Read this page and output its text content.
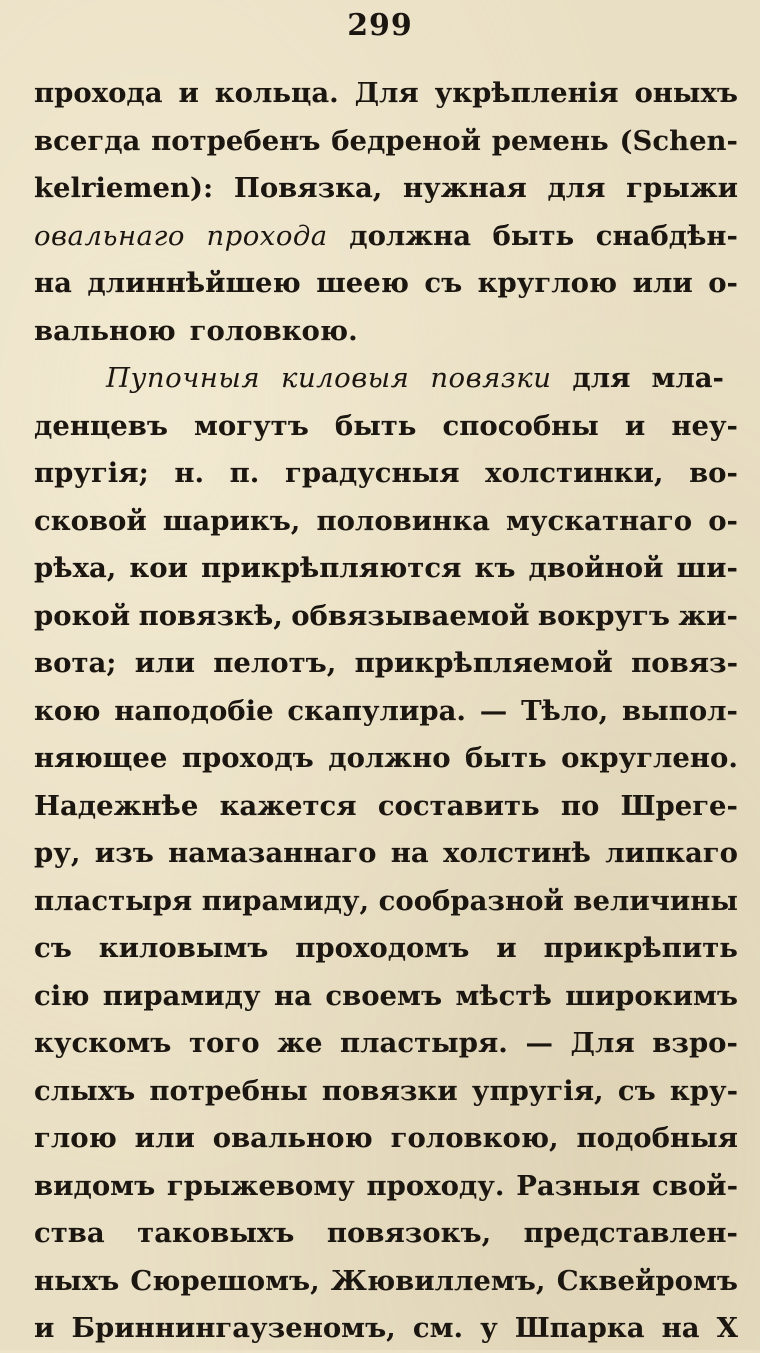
299
прохода и кольца. Для укрѣпленія оныхъ
всегда потребенъ бедреной ремень (Schen-
kelriemen): Повязка, нужная для грыжи
овальнаго прохода должна быть снабдѣн-
на длиннѣйшею шеею съ круглою или о-
вальною головкою.
Пупочныя киловыя повязки для мла-
денцевъ могутъ быть способны и неу-
пругія; н. п. градусныя холстинки, во-
сковой шарикъ, половинка мускатнаго о-
рѣха, кои прикрѣпляются къ двойной ши-
рокой повязкѣ, обвязываемой вокругъ жи-
вота; или пелотъ, прикрѣпляемой повяз-
кою наподобіе скапулира. — Тѣло, выпол-
няющее проходъ должно быть округлено.
Надежнѣе кажется составить по Шреге-
ру, изъ намазаннаго на холстинѣ липкаго
пластыря пирамиду, сообразной величины
съ киловымъ проходомъ и прикрѣпить
сію пирамиду на своемъ мѣстѣ широкимъ
кускомъ того же пластыря. — Для взро-
слыхъ потребны повязки упругія, съ кру-
глою или овальною головкою, подобныя
видомъ грыжевому проходу. Разныя свой-
ства таковыхъ повязокъ, представлен-
ныхъ Сюрешомъ, Жювиллемъ, Сквейромъ
и Бриннингаузеномъ, см. у Шпарка на X
